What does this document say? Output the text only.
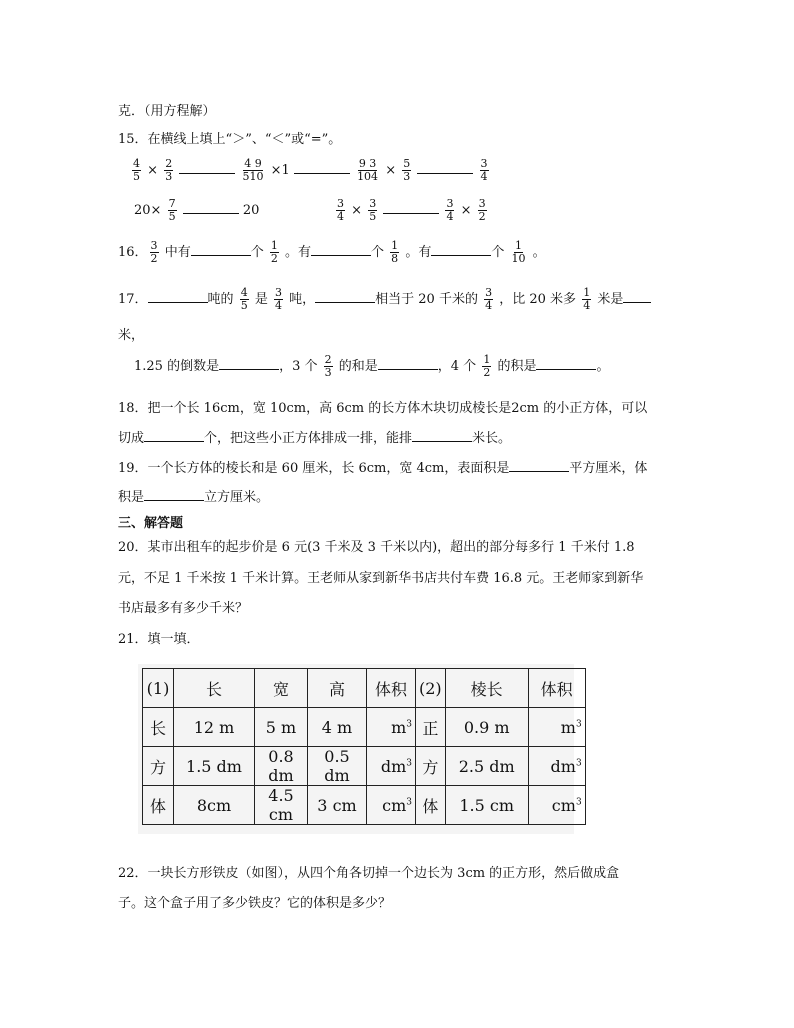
克．（用方程解）
15．在横线上填上“＞”、“＜”或“=”。
$\frac{4}{5} \times \frac{2}{3}$
	$\frac{4 9}{510} \times 1$	$\frac{9 3}{104} \times \frac{5}{3}$
	$\frac{3}{4}$
$20\times \frac{7}{5}$	20	$\frac{3}{4} \times \frac{3}{5}$
	$\frac{3}{4} \times \frac{3}{2}$
16． $\frac{3}{2}$ 中有	个 $\frac{1}{2}$ 。有	个 $\frac{1}{8}$ 。有	个 $\frac{1}{10}$ 。
17．	吨的 $\frac{4}{5}$ 是 $\frac{3}{4}$ 吨，	相当于 20 千米的 $\frac{3}{4}$ ，比 20 米多 $\frac{1}{4}$ 米是
米，
1.25 的倒数是	，3 个 $\frac{2}{3}$ 的和是	，4 个 $\frac{1}{2}$ 的积是	。
18．把一个长 16cm，宽 10cm，高 6cm 的长方体木块切成棱长是2cm 的小正方体，可以
切成	个，把这些小正方体排成一排，能排	米长。
19．一个长方体的棱长和是 60 厘米，长 6cm，宽 4cm，表面积是	平方厘米，体
积是	立方厘米。
三、解答题
20．某市出租车的起步价是 6 元(3 千米及 3 千米以内)，超出的部分每多行 1 千米付 1.8
元，不足 1 千米按 1 千米计算。王老师从家到新华书店共付车费 16.8 元。王老师家到新华
书店最多有多少千米？
21．填一填．
(1)	长	宽	高	体积	(2)	棱长	体积
长	12 m	5 m	4 m	$m^3$	正	0.9 m	$m^3$
方	1.5 dm	0.8 dm	0.5 dm	$dm^3$	方	2.5 dm	$dm^3$
体	8cm	4.5 cm	3 cm	$cm^3$	体	1.5 cm	$cm^3$
22．一块长方形铁皮（如图），从四个角各切掉一个边长为 3cm 的正方形，然后做成盒
子。这个盒子用了多少铁皮？它的体积是多少？
